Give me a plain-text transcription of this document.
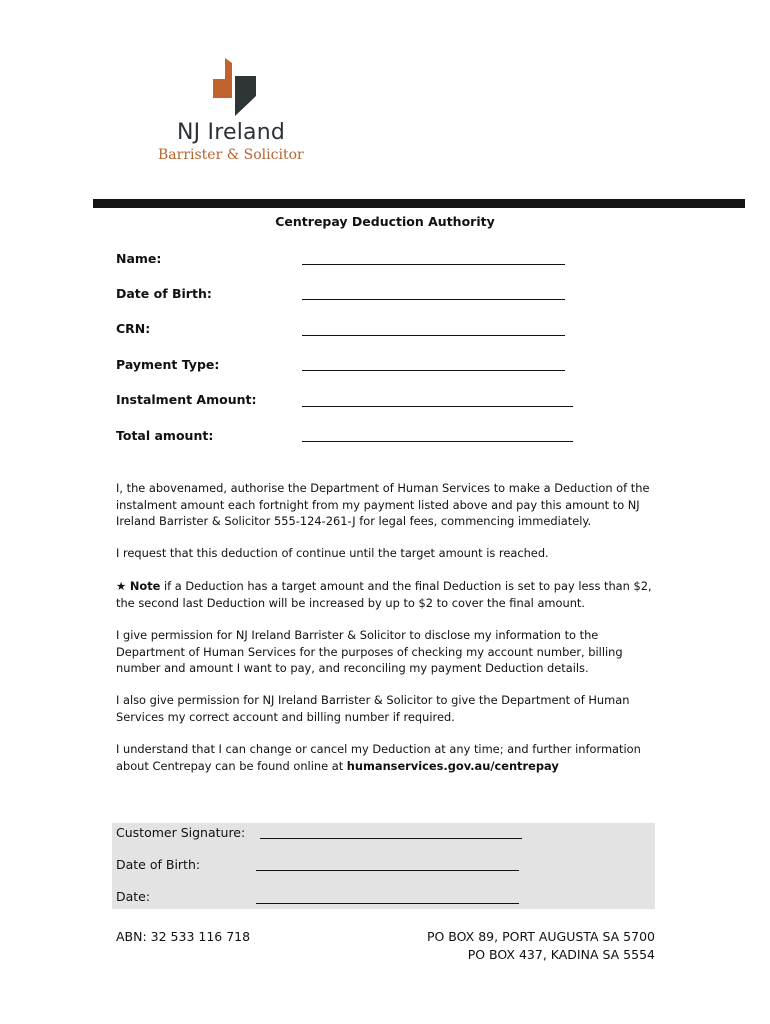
NJ Ireland
Barrister & Solicitor
Centrepay Deduction Authority
Name:
Date of Birth:
CRN:
Payment Type:
Instalment Amount:
Total amount:

I, the abovenamed, authorise the Department of Human Services to make a Deduction of the instalment amount each fortnight from my payment listed above and pay this amount to NJ Ireland Barrister & Solicitor 555-124-261-J for legal fees, commencing immediately.

I request that this deduction of continue until the target amount is reached.

★ Note if a Deduction has a target amount and the final Deduction is set to pay less than $2, the second last Deduction will be increased by up to $2 to cover the final amount.

I give permission for NJ Ireland Barrister & Solicitor to disclose my information to the Department of Human Services for the purposes of checking my account number, billing number and amount I want to pay, and reconciling my payment Deduction details.

I also give permission for NJ Ireland Barrister & Solicitor to give the Department of Human Services my correct account and billing number if required.

I understand that I can change or cancel my Deduction at any time; and further information about Centrepay can be found online at humanservices.gov.au/centrepay

Customer Signature:
Date of Birth:
Date:
ABN: 32 533 116 718	PO BOX 89, PORT AUGUSTA SA 5700
PO BOX 437, KADINA SA 5554
